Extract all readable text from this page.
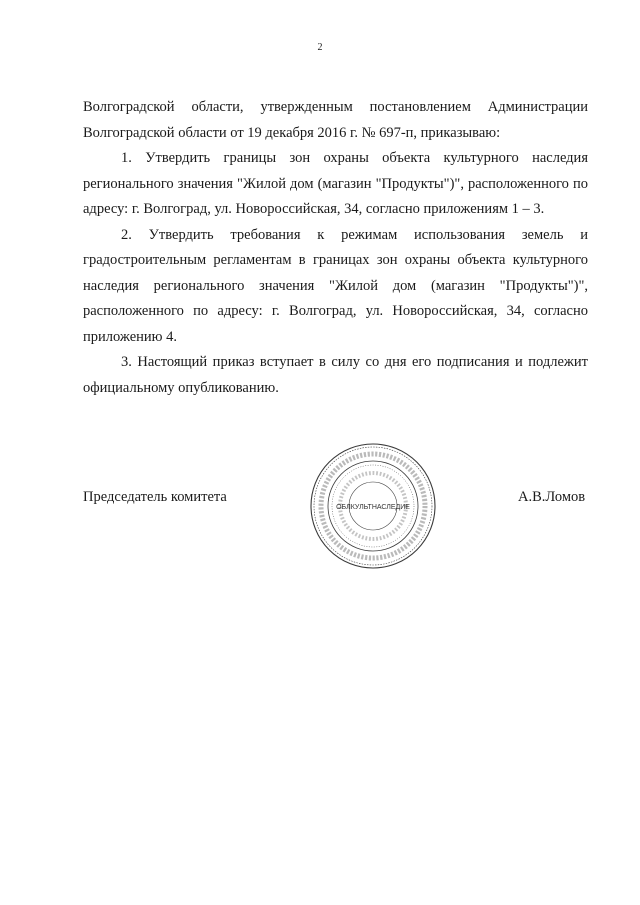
2

Волгоградской области, утвержденным постановлением Администрации Волгоградской области от 19 декабря 2016 г. № 697-п, приказываю:

1. Утвердить границы зон охраны объекта культурного наследия регионального значения "Жилой дом (магазин "Продукты")", расположенного по адресу: г. Волгоград, ул. Новороссийская, 34, согласно приложениям 1 – 3.

2. Утвердить требования к режимам использования земель и градостроительным регламентам в границах зон охраны объекта культурного наследия регионального значения "Жилой дом (магазин "Продукты")", расположенного по адресу: г. Волгоград, ул. Новороссийская, 34, согласно приложению 4.

3. Настоящий приказ вступает в силу со дня его подписания и подлежит официальному опубликованию.

Председатель комитета
ОБЛКУЛЬТНАСЛЕДИЕ
А.В.Ломов
